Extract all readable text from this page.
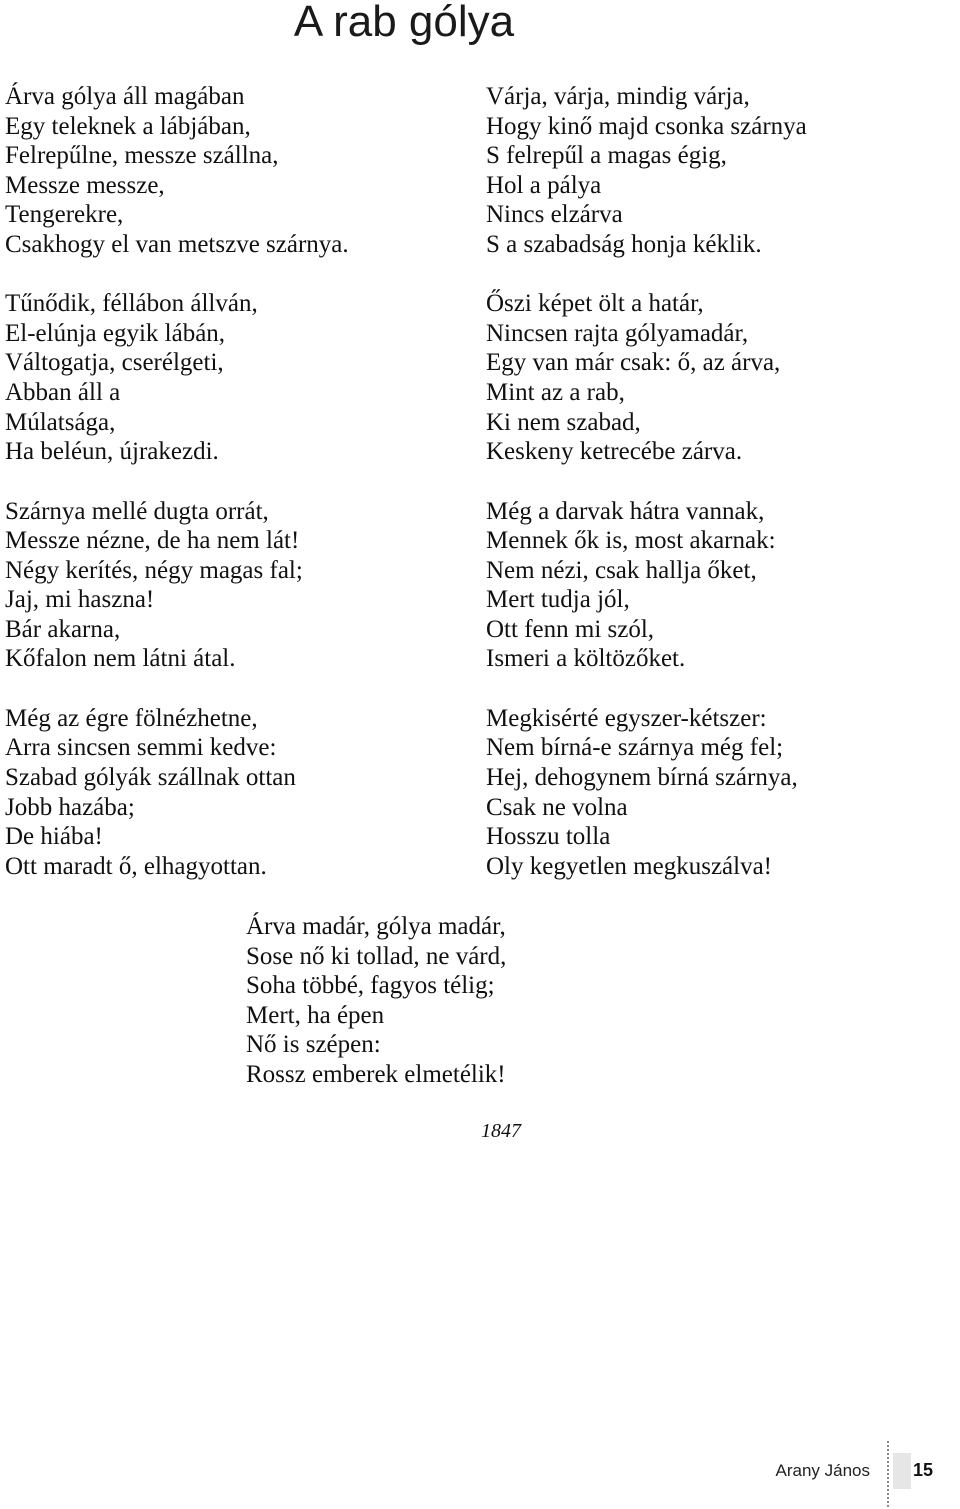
A rab gólya
Árva gólya áll magában
Egy teleknek a lábjában,
Felrepűlne, messze szállna,
Messze messze,
Tengerekre,
Csakhogy el van metszve szárnya.
Tűnődik, féllábon állván,
El-elúnja egyik lábán,
Váltogatja, cserélgeti,
Abban áll a
Múlatsága,
Ha beléun, újrakezdi.
Szárnya mellé dugta orrát,
Messze nézne, de ha nem lát!
Négy kerítés, négy magas fal;
Jaj, mi haszna!
Bár akarna,
Kőfalon nem látni átal.
Még az égre fölnézhetne,
Arra sincsen semmi kedve:
Szabad gólyák szállnak ottan
Jobb hazába;
De hiába!
Ott maradt ő, elhagyottan.
Várja, várja, mindig várja,
Hogy kinő majd csonka szárnya
S felrepűl a magas égig,
Hol a pálya
Nincs elzárva
S a szabadság honja kéklik.
Őszi képet ölt a határ,
Nincsen rajta gólyamadár,
Egy van már csak: ő, az árva,
Mint az a rab,
Ki nem szabad,
Keskeny ketrecébe zárva.
Még a darvak hátra vannak,
Mennek ők is, most akarnak:
Nem nézi, csak hallja őket,
Mert tudja jól,
Ott fenn mi szól,
Ismeri a költözőket.
Megkisérté egyszer-kétszer:
Nem bírná-e szárnya még fel;
Hej, dehogynem bírná szárnya,
Csak ne volna
Hosszu tolla
Oly kegyetlen megkuszálva!
Árva madár, gólya madár,
Sose nő ki tollad, ne várd,
Soha többé, fagyos télig;
Mert, ha épen
Nő is szépen:
Rossz emberek elmetélik!
1847
Arany János 15
